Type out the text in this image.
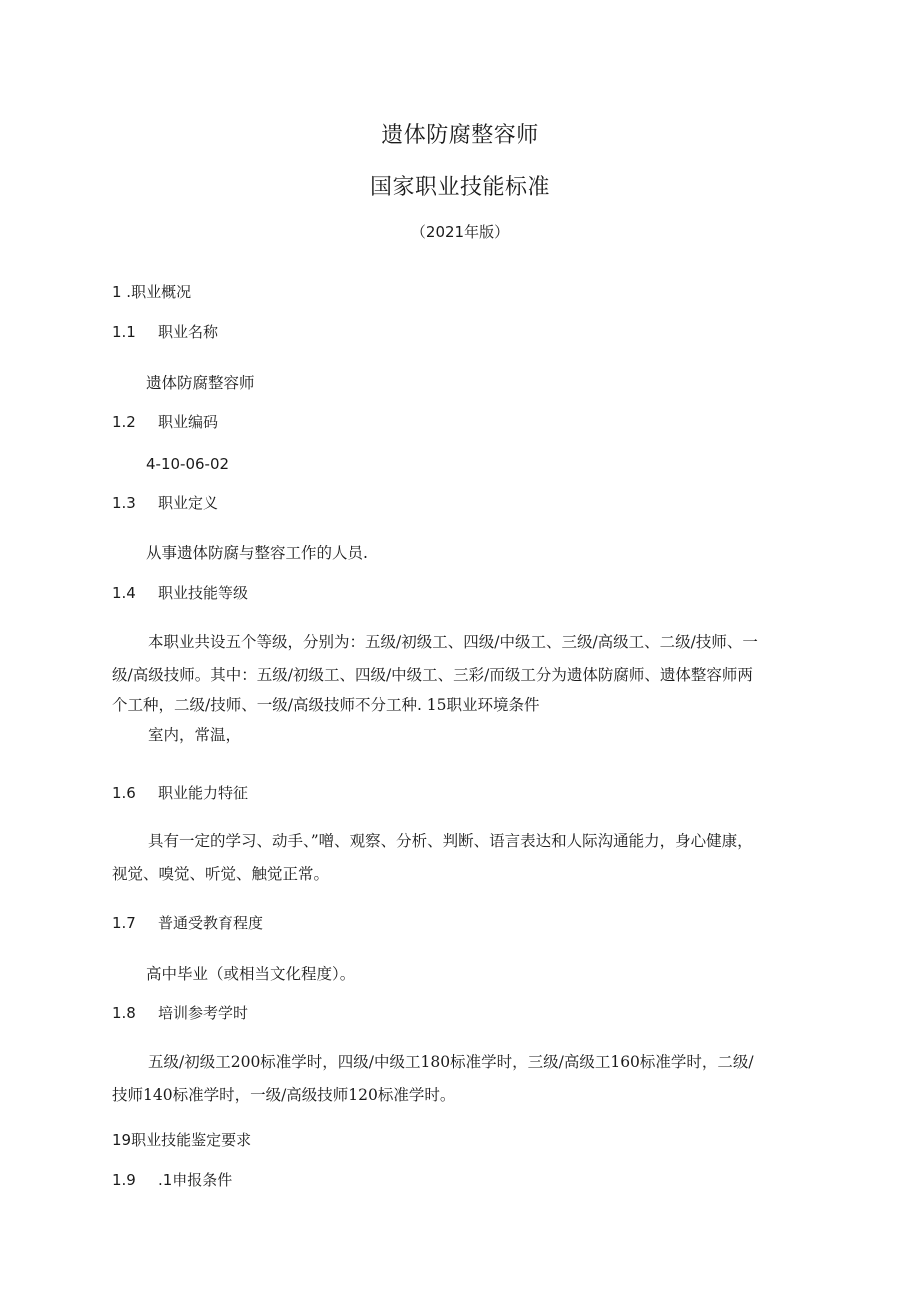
遗体防腐整容师
国家职业技能标准
（2021年版）
1 .职业概况
1.1 职业名称
遗体防腐整容师
1.2 职业编码
4-10-06-02
1.3 职业定义
从事遗体防腐与整容工作的人员.
1.4 职业技能等级
本职业共设五个等级，分别为：五级/初级工、四级/中级工、三级/高级工、二级/技师、一
级/高级技师。其中：五级/初级工、四级/中级工、三彩/而级工分为遗体防腐师、遗体整容师两
个工种，二级/技师、一级/高级技师不分工种. 15职业环境条件
室内，常温，
1.6 职业能力特征
具有一定的学习、动手、”噌、观察、分析、判断、语言表达和人际沟通能力，身心健康，
视觉、嗅觉、听觉、触觉正常。
1.7 普通受教育程度
高中毕业（或相当文化程度）。
1.8 培训参考学时
五级/初级工200标准学时，四级/中级工180标准学时，三级/高级工160标准学时，二级/
技师140标准学时，一级/高级技师120标准学时。
19职业技能鉴定要求
1.9 .1申报条件
